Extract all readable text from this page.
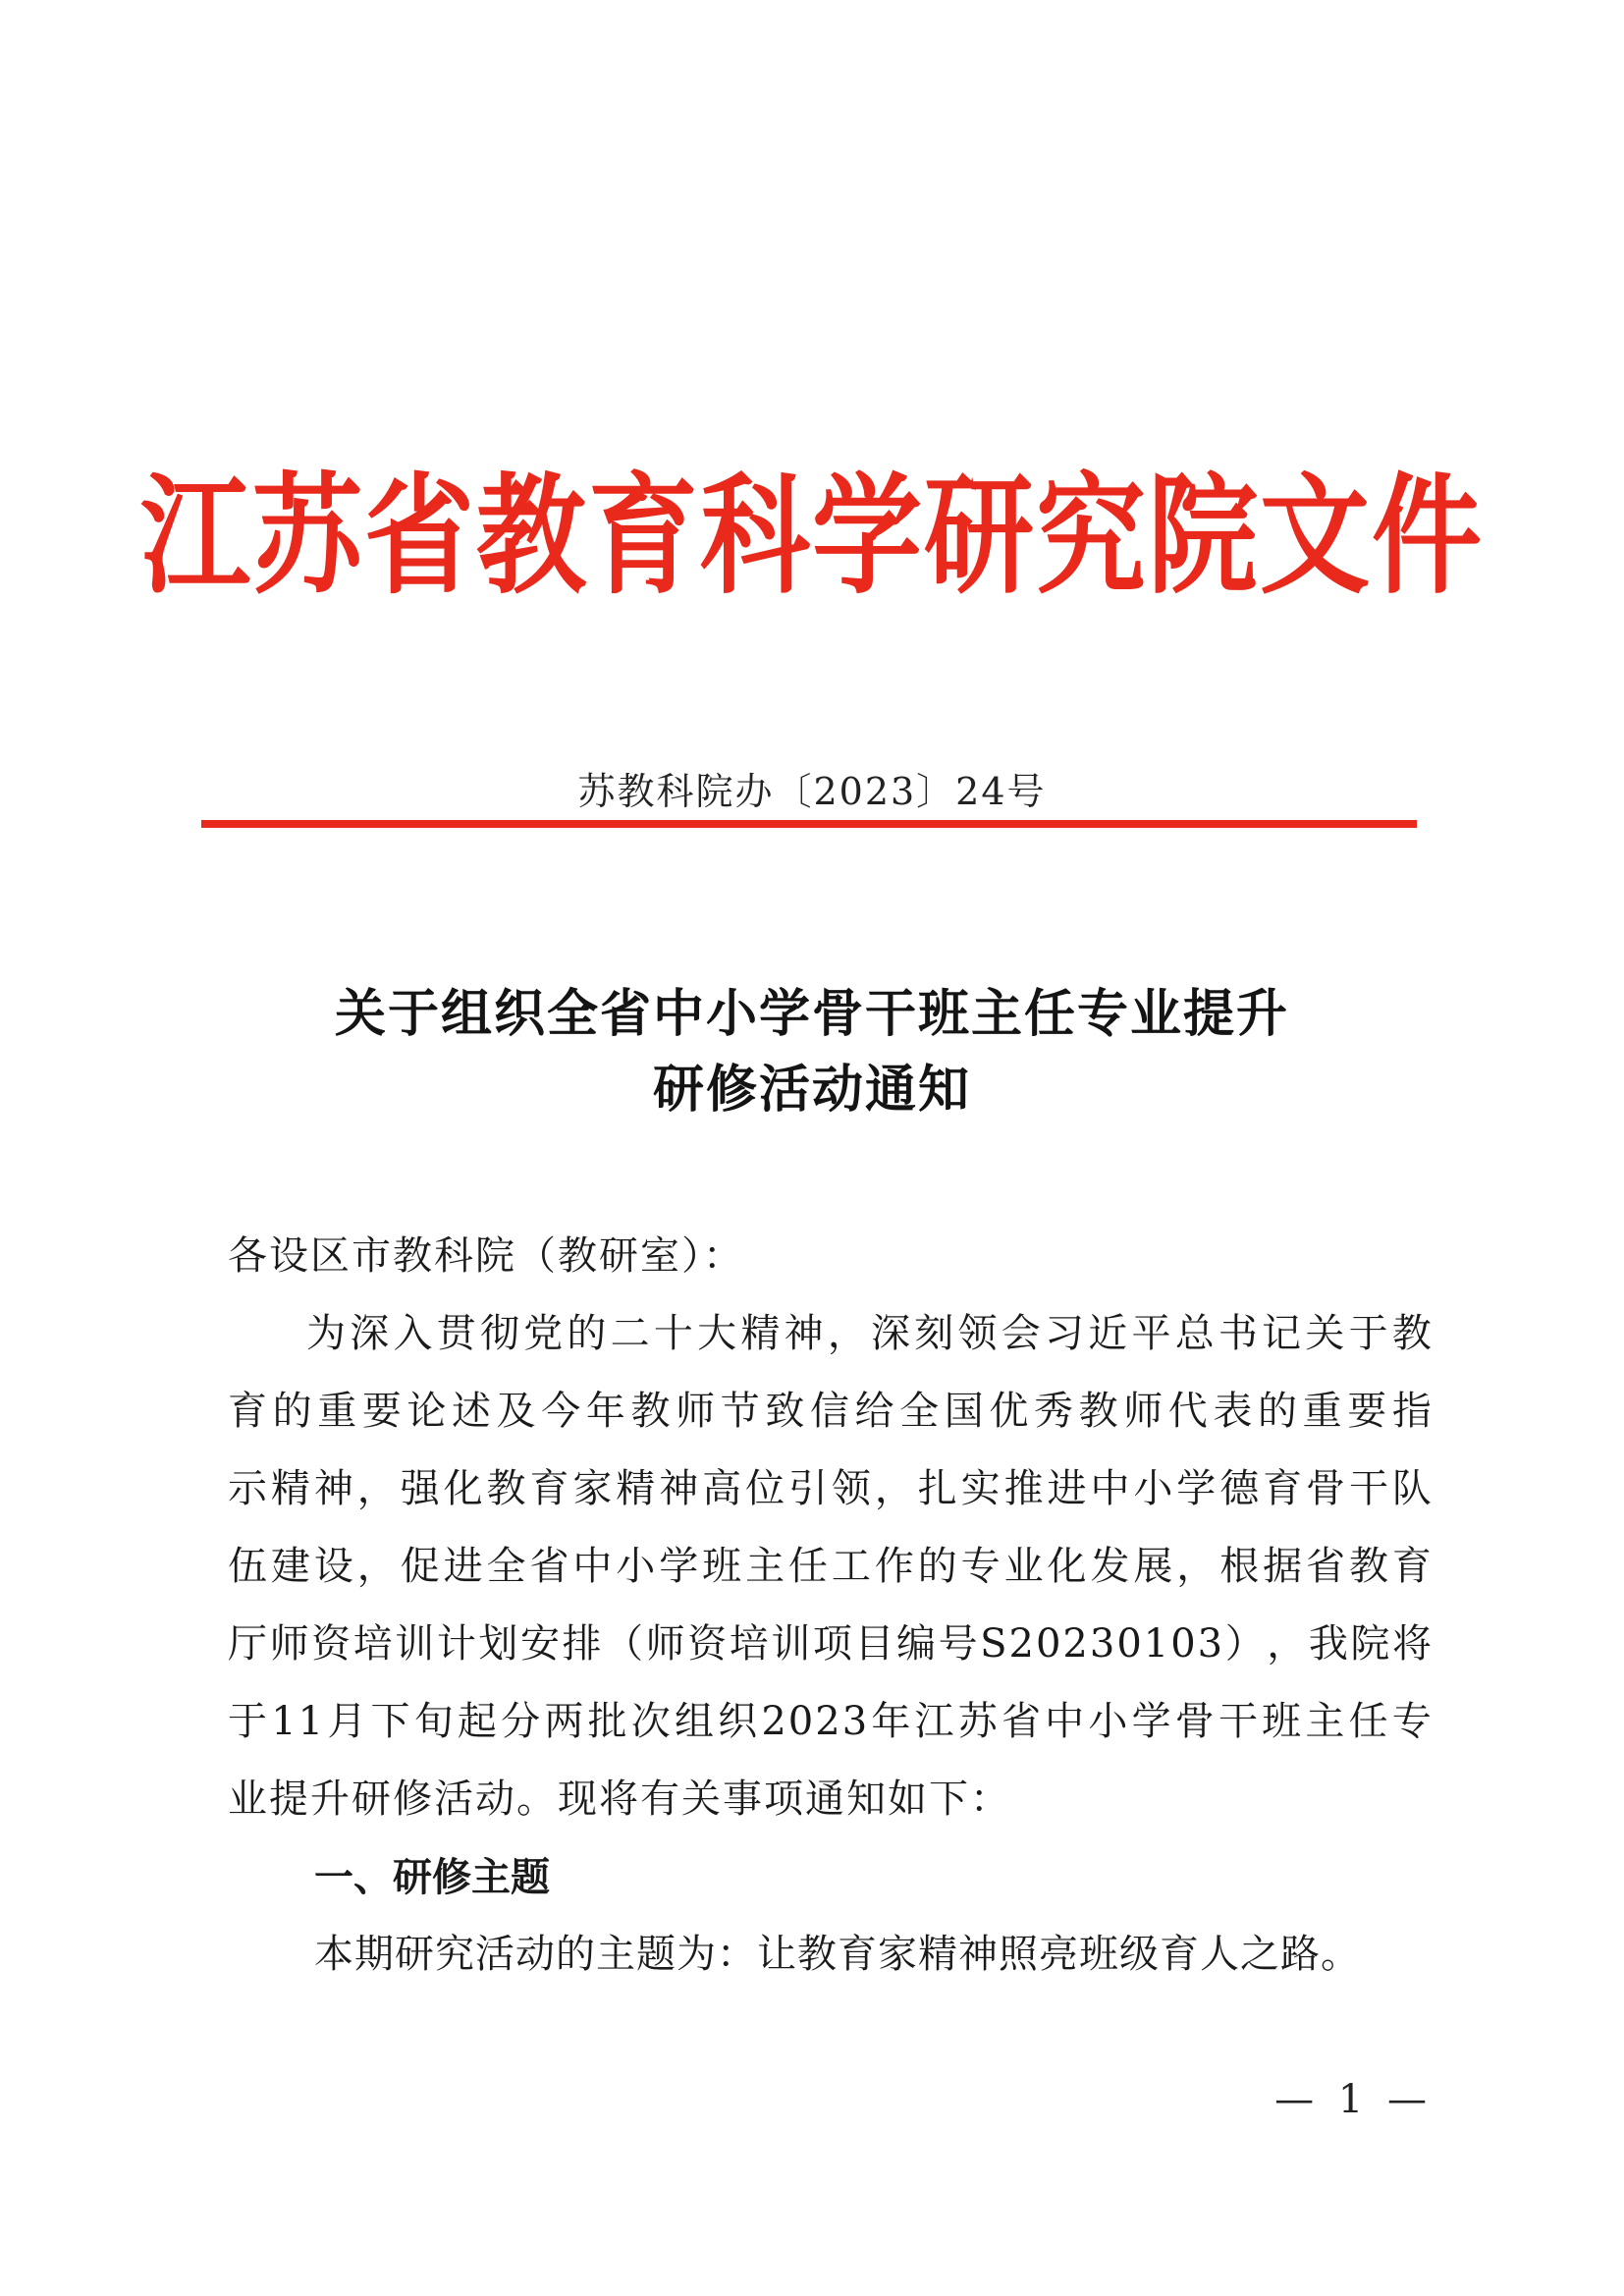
江苏省教育科学研究院文件
苏教科院办〔2023〕24号
关于组织全省中小学骨干班主任专业提升
研修活动通知
各设区市教科院（教研室）：
为 深 入 贯 彻 党 的 二 十 大 精 神 ， 深 刻 领 会 习 近 平 总 书 记 关 于 教
育 的 重 要 论 述 及 今 年 教 师 节 致 信 给 全 国 优 秀 教 师 代 表 的 重 要 指
示 精 神 ， 强 化 教 育 家 精 神 高 位 引 领 ， 扎 实 推 进 中 小 学 德 育 骨 干 队
伍 建 设 ， 促 进 全 省 中 小 学 班 主 任 工 作 的 专 业 化 发 展 ， 根 据 省 教 育
厅 师 资 培 训 计 划 安 排 （ 师 资 培 训 项 目 编 号 S20230103 ） ， 我 院 将
于 11 月 下 旬 起 分 两 批 次 组 织 2023 年 江 苏 省 中 小 学 骨 干 班 主 任 专
业提升研修活动。现将有关事项通知如下：
一、研修主题
本期研究活动的主题为：让教育家精神照亮班级育人之路。
— 1 —
